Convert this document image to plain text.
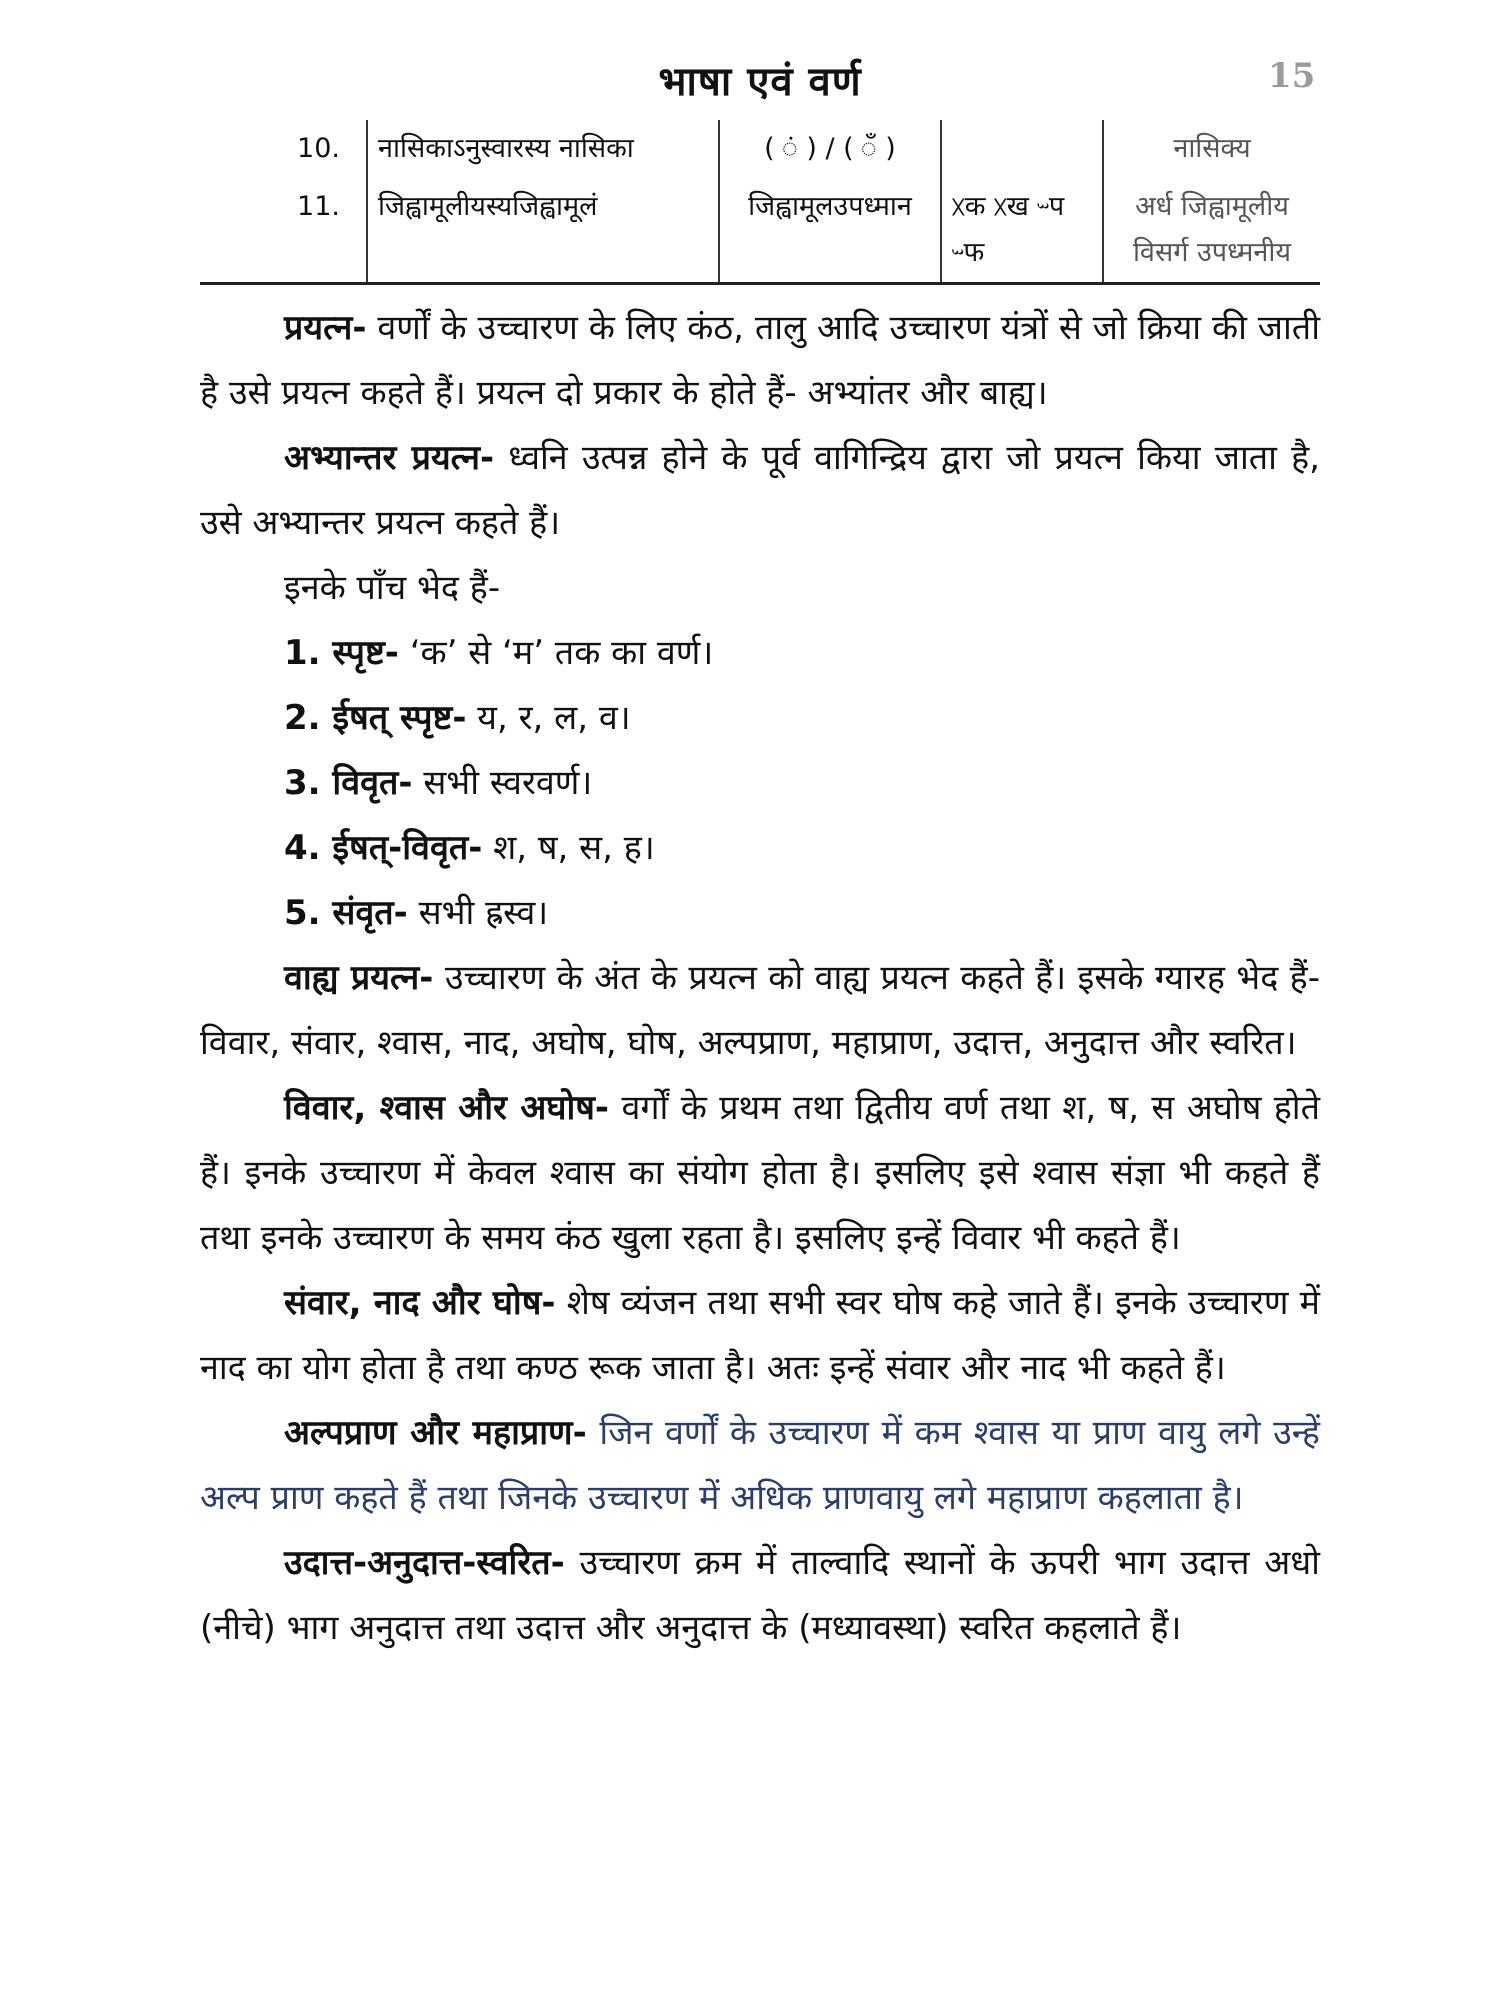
भाषा एवं वर्ण	15
10.	नासिकाऽनुस्वारस्य नासिका	( ं ) / ( ँ )		नासिक्य
11.	जिह्वामूलीयस्यजिह्वामूलं	जिह्वामूलउपध्मान	ᳵक ᳵख ᳶप ᳶफ	अर्ध जिह्वामूलीय विसर्ग उपध्मनीय

प्रयत्न- वर्णों के उच्चारण के लिए कंठ, तालु आदि उच्चारण यंत्रों से जो क्रिया की जाती है उसे प्रयत्न कहते हैं। प्रयत्न दो प्रकार के होते हैं- अभ्यांतर और बाह्य।

अभ्यान्तर प्रयत्न- ध्वनि उत्पन्न होने के पूर्व वागिन्द्रिय द्वारा जो प्रयत्न किया जाता है, उसे अभ्यान्तर प्रयत्न कहते हैं।

इनके पाँच भेद हैं-

1. स्पृष्ट- ‘क’ से ‘म’ तक का वर्ण।

2. ईषत् स्पृष्ट- य, र, ल, व।

3. विवृत- सभी स्वरवर्ण।

4. ईषत्-विवृत- श, ष, स, ह।

5. संवृत- सभी ह्रस्व।

वाह्य प्रयत्न- उच्चारण के अंत के प्रयत्न को वाह्य प्रयत्न कहते हैं। इसके ग्यारह भेद हैं- विवार, संवार, श्वास, नाद, अघोष, घोष, अल्पप्राण, महाप्राण, उदात्त, अनुदात्त और स्वरित।

विवार, श्वास और अघोष- वर्गों के प्रथम तथा द्वितीय वर्ण तथा श, ष, स अघोष होते हैं। इनके उच्चारण में केवल श्वास का संयोग होता है। इसलिए इसे श्वास संज्ञा भी कहते हैं तथा इनके उच्चारण के समय कंठ खुला रहता है। इसलिए इन्हें विवार भी कहते हैं।

संवार, नाद और घोष- शेष व्यंजन तथा सभी स्वर घोष कहे जाते हैं। इनके उच्चारण में नाद का योग होता है तथा कण्ठ रूक जाता है। अतः इन्हें संवार और नाद भी कहते हैं।

अल्पप्राण और महाप्राण- जिन वर्णों के उच्चारण में कम श्वास या प्राण वायु लगे उन्हें अल्प प्राण कहते हैं तथा जिनके उच्चारण में अधिक प्राणवायु लगे महाप्राण कहलाता है।

उदात्त-अनुदात्त-स्वरित- उच्चारण क्रम में ताल्वादि स्थानों के ऊपरी भाग उदात्त अधो (नीचे) भाग अनुदात्त तथा उदात्त और अनुदात्त के (मध्यावस्था) स्वरित कहलाते हैं।
